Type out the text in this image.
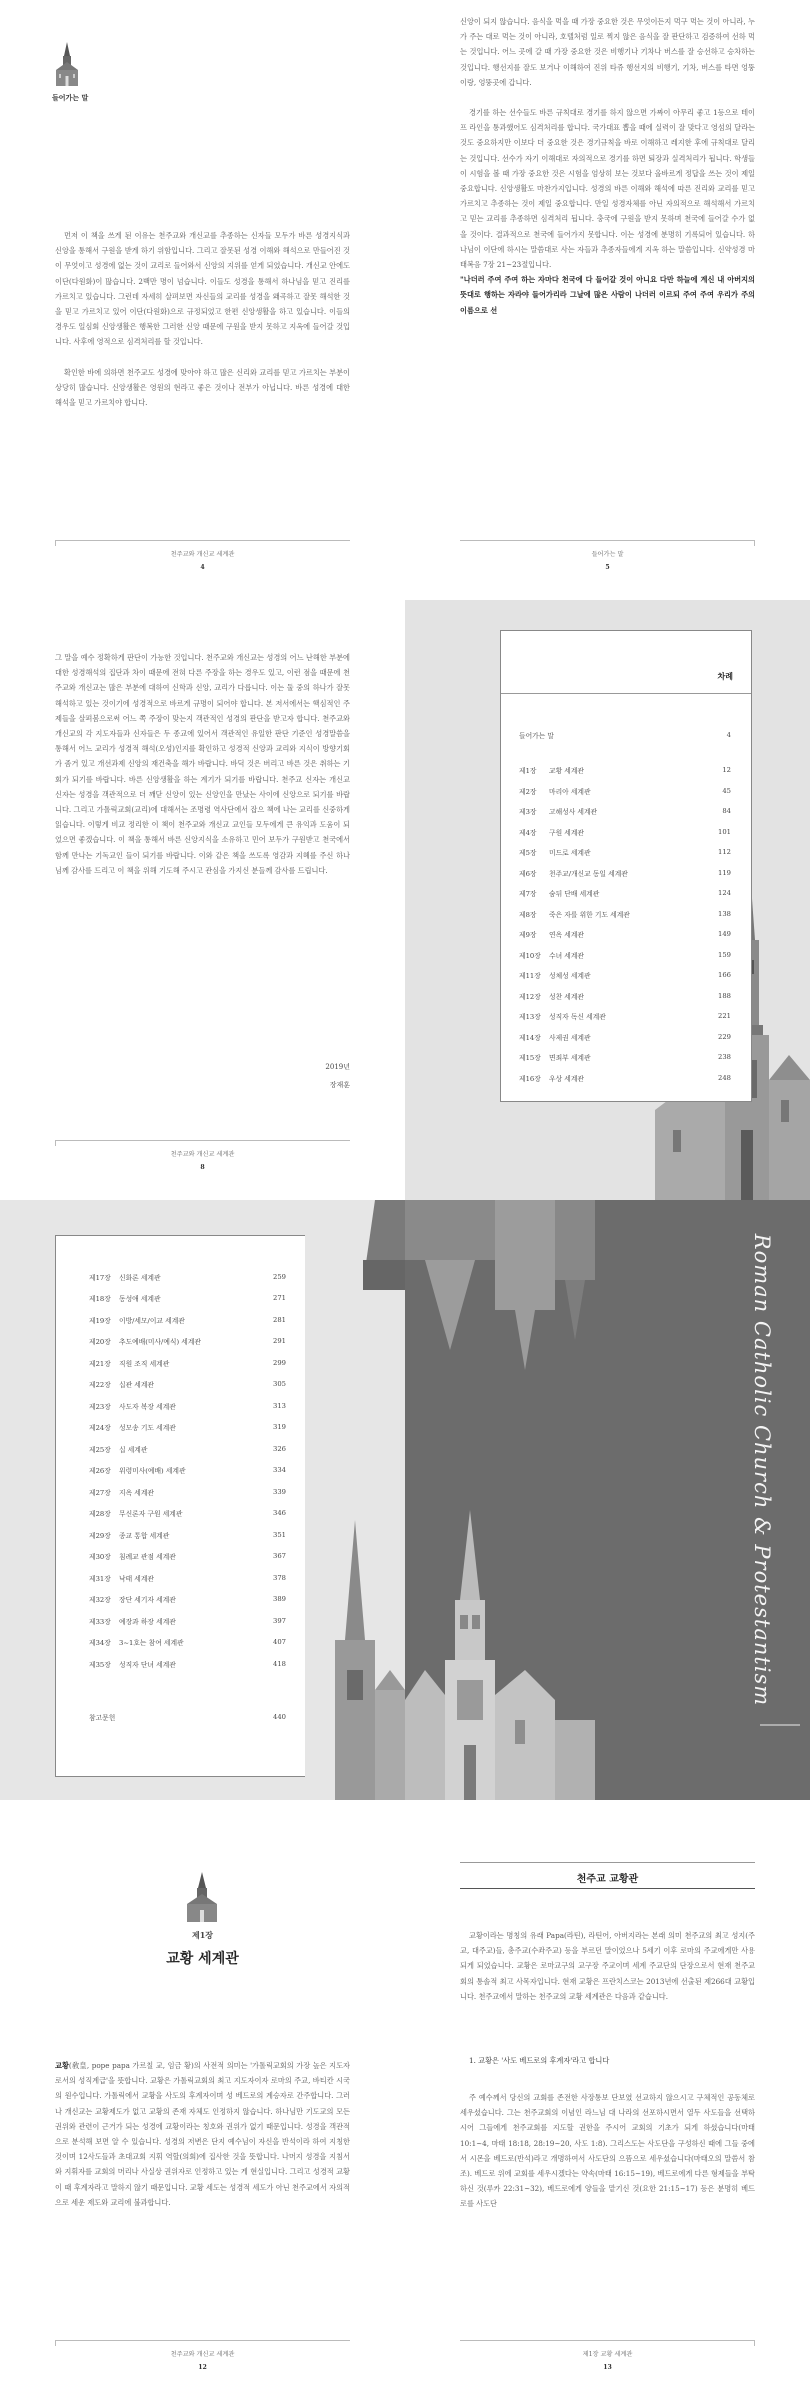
들어가는 말

먼저 이 책을 쓰게 된 이유는 천주교와 개신교를 추종하는 신자들 모두가 바른 성경지식과 신앙을 통해서 구원을 받게 하기 위함입니다. 그리고 잘못된 성경 이해와 해석으로 만들어진 것이 무엇이고 성경에 없는 것이 교리로 들어와서 신앙의 지위를 얻게 되었습니다. 개신교 안에도 이단(다원화)이 많습니다. 2백만 명이 넘습니다. 이들도 성경을 통해서 하나님을 믿고 진리를 가르치고 있습니다. 그런데 자세히 살펴보면 자신들의 교리를 성경을 왜곡하고 잘못 해석한 것을 믿고 가르치고 있어 이단(다원화)으로 규정되었고 한편 신앙생활을 하고 있습니다. 이들의 경우도 일심회 신앙생활은 행복한 그러한 신앙 때문에 구원을 받지 못하고 지옥에 들어갈 것입니다. 사후에 영적으로 심격처리를 할 것입니다.

확인한 바에 의하면 천주교도 성경에 맞아야 하고 많은 신리와 교리를 믿고 가르치는 부분이 상당히 많습니다. 신앙생활은 영원의 현라고 좋은 것이나 전부가 아닙니다. 바른 성경에 대한 해석을 믿고 가르치야 합니다.

천주교와 개신교 세계관
4

신앙이 되지 않습니다. 음식을 먹을 때 가장 중요한 것은 무엇이든지 먹구 먹는 것이 아니라, 누가 주는 대로 먹는 것이 아니라, 호텔처럼 일로 찍지 않은 음식을 잘 판단하고 검증하여 선하 먹는 것입니다. 어느 곳에 갈 때 가장 중요한 것은 비행기나 기차나 버스를 잘 승선하고 승차하는 것입니다. 행선지를 잘도 보거나 이해하여 진위 타쥬 행선지의 비행기, 기차, 버스를 타면 엉뚱 이랑, 엉뚱곳에 갑니다.

경기를 하는 선수들도 바른 규칙대로 경기를 하지 않으면 가짜이 아무리 좋고 1등으로 테이프 라인을 통과했어도 심격처리를 합니다. 국가대표 뽑을 때에 실력이 잘 맞다고 영섬의 달라는 것도 중요하지만 이보다 더 중요한 것은 경기규칙을 바로 이해하고 레지한 후에 규칙대로 달리는 것입니다. 선수가 자기 이해대로 자의적으로 경기를 하면 퇴장과 실격처리가 됩니다. 학생들이 시험을 볼 때 가장 중요한 것은 시험을 엄상히 보는 것보다 올바르게 정답을 쓰는 것이 제일 중요합니다. 신앙생활도 마찬가지입니다. 성경의 바른 이해와 해석에 따른 진리와 교리를 믿고 가르치고 추종하는 것이 제일 중요합니다. 만일 성경자체를 아닌 자의적으로 해석해서 가르치고 믿는 교리를 추종하면 심격처리 됩니다. 충국에 구원을 받지 못하며 천국에 들어갈 수가 없을 것이다. 결과적으로 천국에 들어가지 못합니다. 이는 성경에 분명히 기록되어 있습니다. 하나님이 이단에 하시는 말씀대로 사는 자들과 추종자들에게 지옥 하는 말씀입니다. 신약성경 마태복음 7장 21~23절입니다.

"나더러 주여 주여 하는 자마다 천국에 다 들어갈 것이 아니요 다만 하늘에 계신 내 아버지의 뜻대로 행하는 자라야 들어가리라 그날에 많은 사람이 나더러 이르되 주여 주여 우리가 주의 이름으로 선

들어가는 말
5

그 말을 예수 정확하게 판단이 가능한 것입니다. 천주교와 개신교는 성경의 어느 난해한 부분에 대한 성경해석의 집단과 차이 때문에 전혀 다른 주장을 하는 경우도 있고, 이런 점을 때문에 천주교와 개신교는 많은 부분에 대하여 신학과 신앙, 교리가 다릅니다. 이는 둘 중의 하나가 잘못 해석하고 있는 것이기에 성경적으로 바르게 규명이 되어야 합니다. 본 저서에서는 핵심적인 주제들을 살펴봄으로써 어느 쪽 주장이 맞는지 객관적인 성경의 판단을 받고자 합니다. 천주교와 개신교의 각 지도자들과 신자들은 두 종교에 있어서 객관적인 유일한 판단 기준인 성경말씀을 통해서 어느 교리가 성경적 해석(오성)인지를 확인하고 성경적 신앙과 교리와 지식이 방향기회가 좀거 있고 개선과제 신앙의 재건축을 해가 바랍니다. 바딕 것은 버리고 바른 것은 취하는 기회가 되기를 바랍니다. 바른 신앙생활을 하는 계기가 되기를 바랍니다. 천주교 신자는 개신교 신자는 성경을 객관적으로 더 깨닫 신앙이 있는 신앙인을 만났는 사이에 신앙으로 되기를 바랍니다. 그리고 가톨릭교회(교리)에 대해서는 조명령 역사단에서 잡으 책에 나는 교리를 신중하게 읽습니다. 이렇게 비교 정리한 이 책이 천주교와 개신교 교인들 모두에게 큰 유익과 도움이 되었으면 좋겠습니다. 이 책을 통해서 바른 신앙지식을 소유하고 민어 보두가 구원받고 천국에서 함께 만나는 기독교인 들이 되기를 바랍니다. 이와 같은 책을 쓰도록 영감과 지혜를 주신 하나님께 감사를 드리고 이 책을 위해 기도해 주시고 관심을 가지신 분들께 감사를 드립니다.

2019년
장재훈
천주교와 개신교 세계관
8
차례
들어가는 말	4
제1장	교황 세계관	12
제2장	마리아 세계관	45
제3장	고해성사 세계관	84
제4장	구원 세계관	101
제5장	미드로 세계관	112
제6장	천주교/개신교 동일 세계관	119
제7장	숨뒤 단배 세계관	124
제8장	죽은 자를 위한 기도 세계관	138
제9장	연옥 세계관	149
제10장	수녀 세계관	159
제11장	성체성 세계관	166
제12장	성찬 세계관	188
제13장	성직자 독신 세계관	221
제14장	사제권 세계관	229
제15장	면죄부 세계관	238
제16장	우상 세계관	248
제17장	신화론 세계관	259
제18장	동성애 세계관	271
제19장	이방/세모/이교 세계관	281
제20장	추도예배(미사/예식) 세계관	291
제21장	직원 조직 세계관	299
제22장	십관 세계관	305
제23장	사도자 복장 세계관	313
제24장	성모송 기도 세계관	319
제25장	십 세계관	326
제26장	위령미사(예배) 세계관	334
제27장	지옥 세계관	339
제28장	무신론자 구원 세계관	346
제29장	종교 통합 세계관	351
제30장	침례교 관점 세계관	367
제31장	낙태 세계관	378
제32장	장단 세기자 세계관	389
제33장	예장과 하장 세계관	397
제34장	3~1호는 참여 세계관	407
제35장	성직자 단녀 세계관	418
참고문헌	440
Roman Catholic Church & Protestantism
제1장
교황 세계관

교황(敎皇, pope papa 가르칠 교, 임금 황)의 사전적 의미는 '가톨릭교회의 가장 높은 지도자로서의 성직계급'을 뜻합니다. 교황은 가톨릭교회의 최고 지도자이자 로마의 주교, 바티칸 시국의 원수입니다. 가톨릭에서 교황을 사도의 후계자이며 성 베드로의 계승자로 간주합니다. 그러나 개신교는 교황제도가 없고 교황의 존재 자체도 인정하지 않습니다. 하나님만 기도교의 모든 권위와 관련이 근거가 되는 성경에 교황이라는 칭호와 권위가 없기 때문입니다. 성경을 객관적으로 분석해 보면 알 수 있습니다. 성경의 저변은 단지 예수님이 자신을 반석이라 하여 지칭한 것이며 12사도들과 초대교회 지휘 역할(의회)에 집사한 것을 뜻합니다. 나머지 성경을 지침서와 지휘자를 교회의 머리나 사실상 권위자로 인정하고 있는 게 현실입니다. 그리고 성경적 교황이 때 후계자라고 말하지 않기 때문입니다. 교황 세도는 성경적 세도가 아닌 천주교에서 자의적으로 세운 제도와 교리에 불과합니다.

천주교와 개신교 세계관
12
천주교 교황관

교황이라는 명칭의 유래 Papa(라틴), 라틴어, 아버지라는 본래 의미 천주교의 최고 성지(주교, 대주교)들, 총주교(수좌주교) 등을 부르던 말이었으나 5세기 이후 로마의 주교에게만 사용되게 되었습니다. 교황은 로마교구의 교구장 주교이며 세계 주교단의 단장으로서 현재 천주교회의 통솔적 최고 사목자입니다. 현재 교황은 프란치스코는 2013년에 선출된 제266대 교황입니다. 천주교에서 말하는 천주교의 교황 세계관은 다음과 같습니다.

1. 교황은 '사도 베드로의 후계자'라고 합니다

주 예수께서 당신의 교회를 존전한 사장통보 단보였 선교하지 않으시고 구체적인 공동체로 세우셨습니다. 그는 천주교회의 이념인 라느님 대 나라의 선포하시면서 열두 사도들을 선택하시어 그들에게 천주교회를 지도할 권한을 주시어 교회의 기초가 되게 하셨습니다(마태 10:1~4, 마태 18:18, 28:19~20, 사도 1:8). 그리스도는 사도단을 구성하신 때에 그들 중에서 시몬을 베드로(반석)라고 개명하여서 사도단의 으뜸으로 세우셨습니다(마태오의 말씀서 참조). 베드로 위에 교회를 세우시겠다는 약속(마태 16:15~19), 베드로에게 다른 형제들을 부탁하신 것(루카 22:31~32), 베드로에게 양들을 맡기신 것(요한 21:15~17) 등은 분명히 베드로를 사도단

제1장 교황 세계관
13
